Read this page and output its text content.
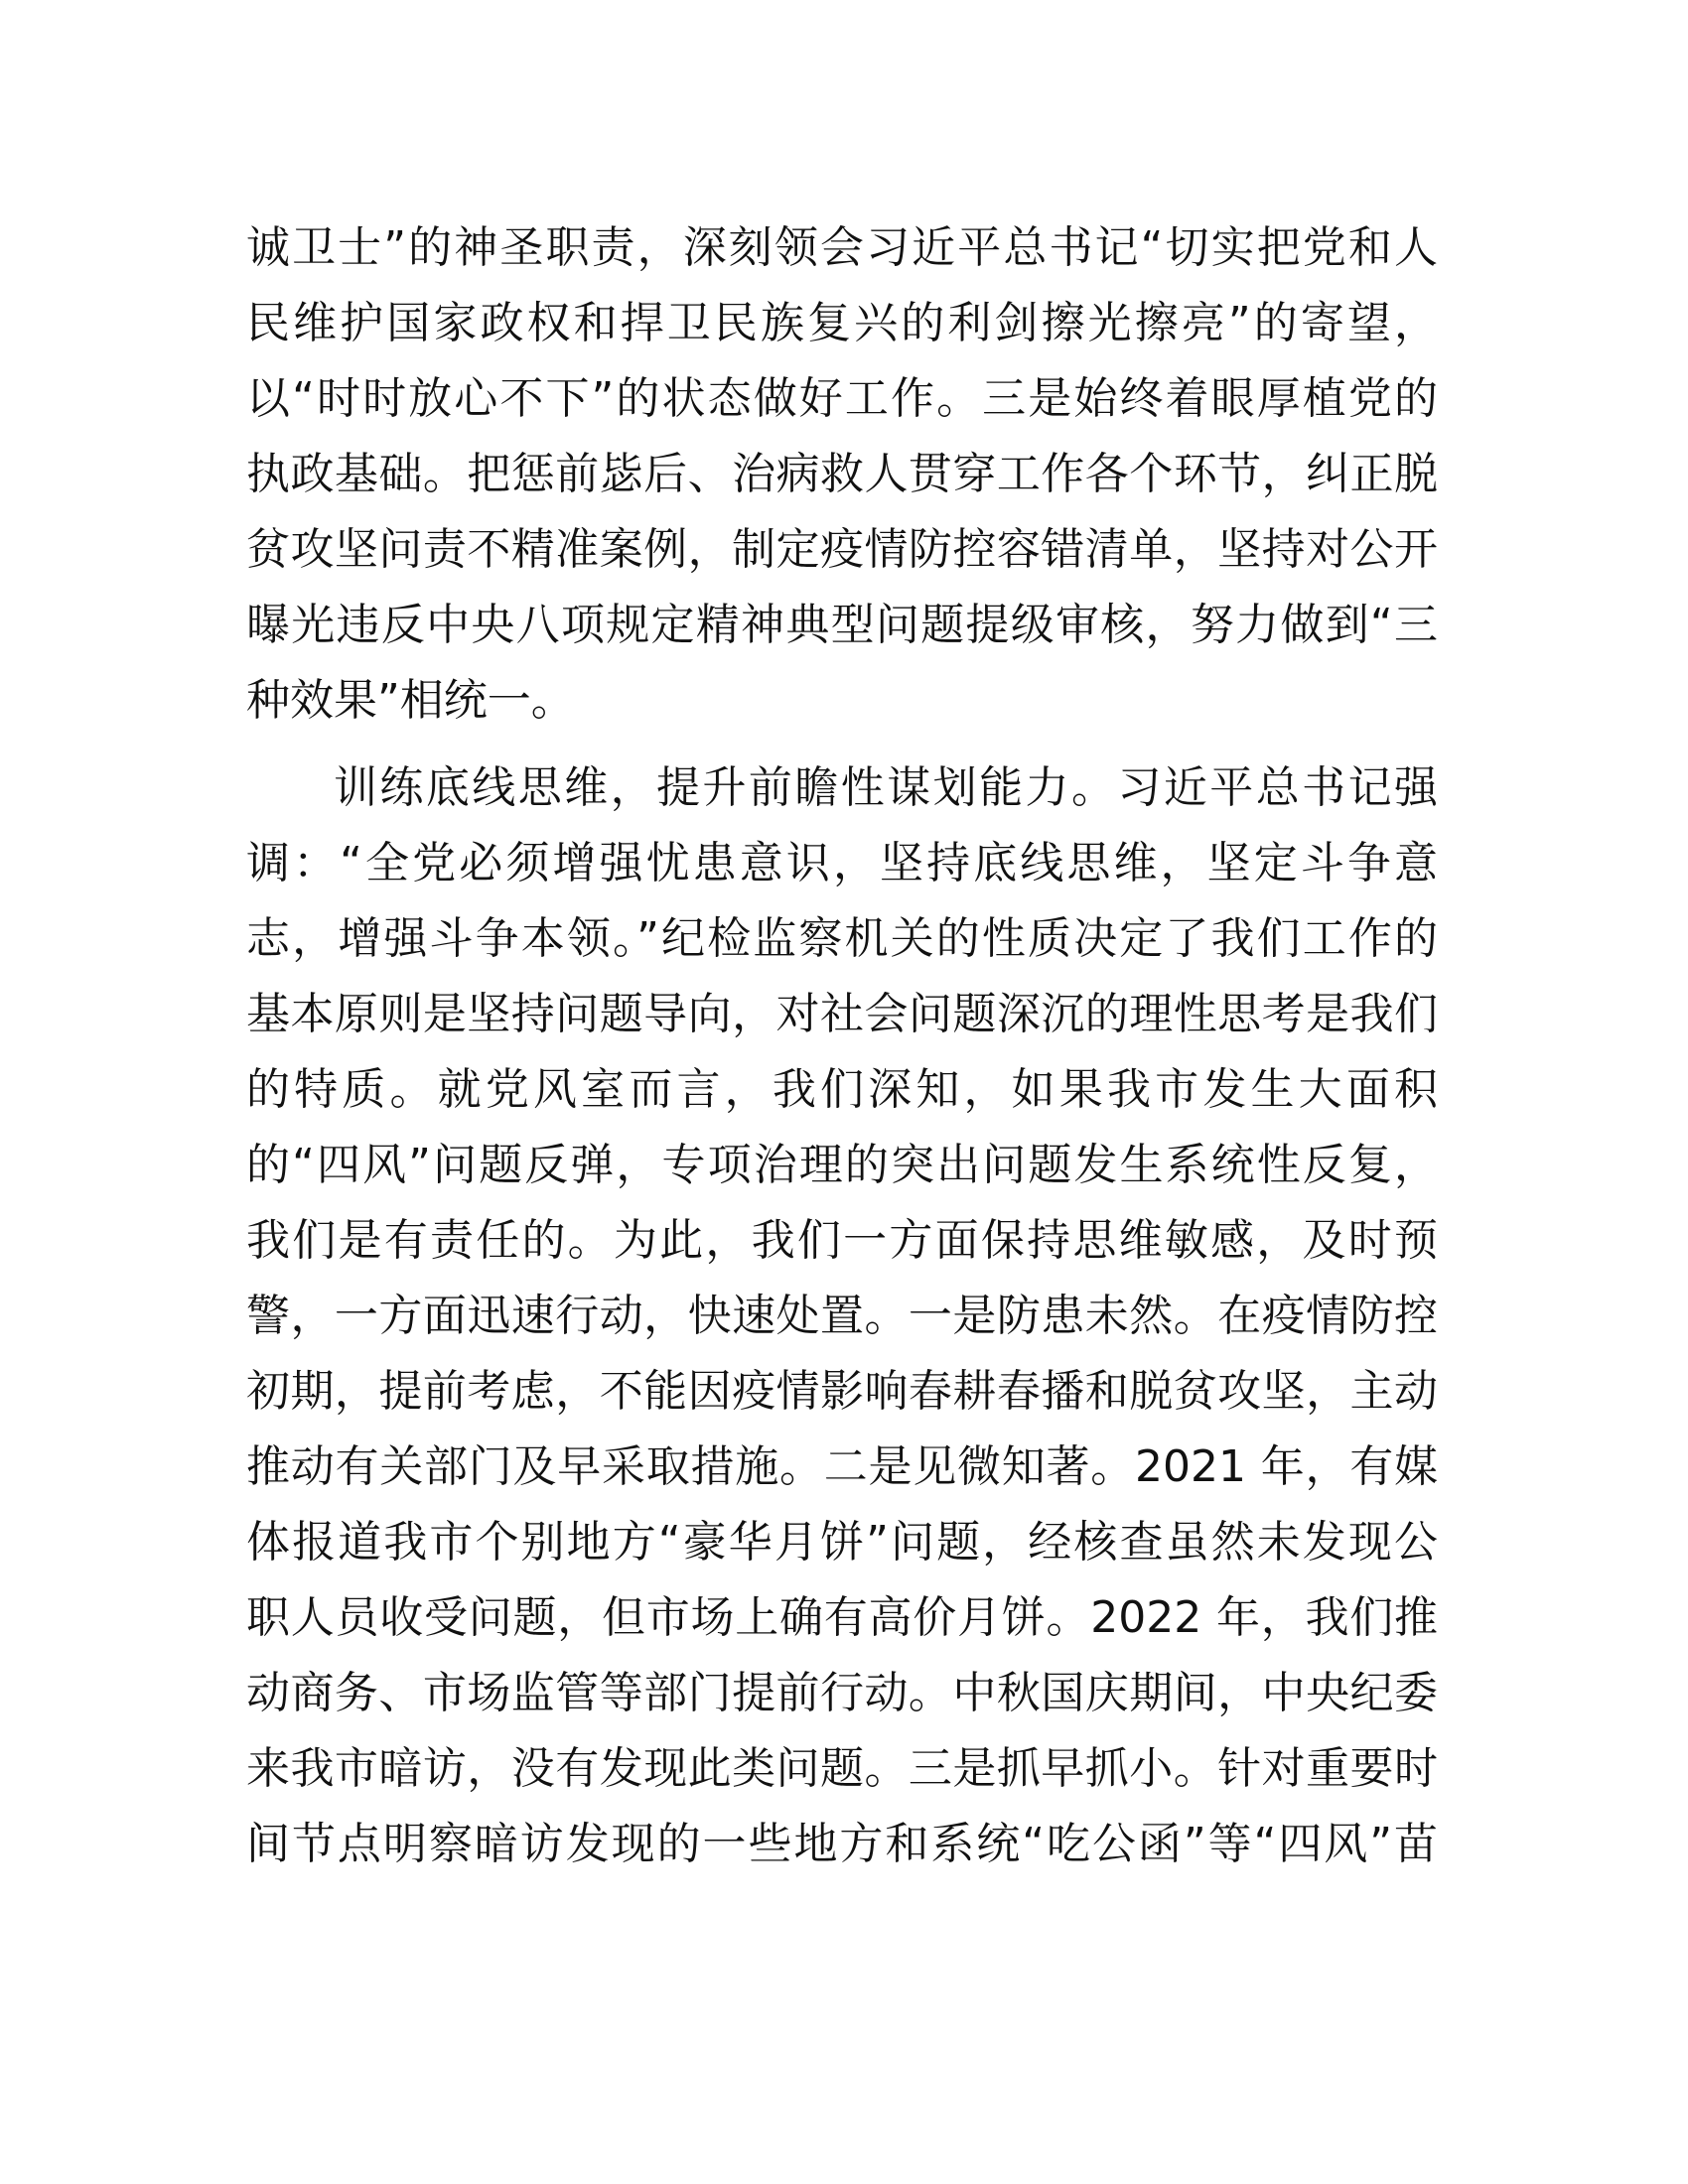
诚卫士”的神圣职责，深刻领会习近平总书记“切实把党和人
民维护国家政权和捍卫民族复兴的利剑擦光擦亮”的寄望，
以“时时放心不下”的状态做好工作。三是始终着眼厚植党的
执政基础。把惩前毖后、治病救人贯穿工作各个环节，纠正脱
贫攻坚问责不精准案例，制定疫情防控容错清单，坚持对公开
曝光违反中央八项规定精神典型问题提级审核，努力做到“三
种效果”相统一。
训练底线思维，提升前瞻性谋划能力。习近平总书记强
调：“全党必须增强忧患意识，坚持底线思维，坚定斗争意
志，增强斗争本领。”纪检监察机关的性质决定了我们工作的
基本原则是坚持问题导向，对社会问题深沉的理性思考是我们
的特质。就党风室而言，我们深知，如果我市发生大面积
的“四风”问题反弹，专项治理的突出问题发生系统性反复，
我们是有责任的。为此，我们一方面保持思维敏感，及时预
警，一方面迅速行动，快速处置。一是防患未然。在疫情防控
初期，提前考虑，不能因疫情影响春耕春播和脱贫攻坚，主动
推动有关部门及早采取措施。二是见微知著。2021 年，有媒
体报道我市个别地方“豪华月饼”问题，经核查虽然未发现公
职人员收受问题，但市场上确有高价月饼。2022 年，我们推
动商务、市场监管等部门提前行动。中秋国庆期间，中央纪委
来我市暗访，没有发现此类问题。三是抓早抓小。针对重要时
间节点明察暗访发现的一些地方和系统“吃公函”等“四风”苗
